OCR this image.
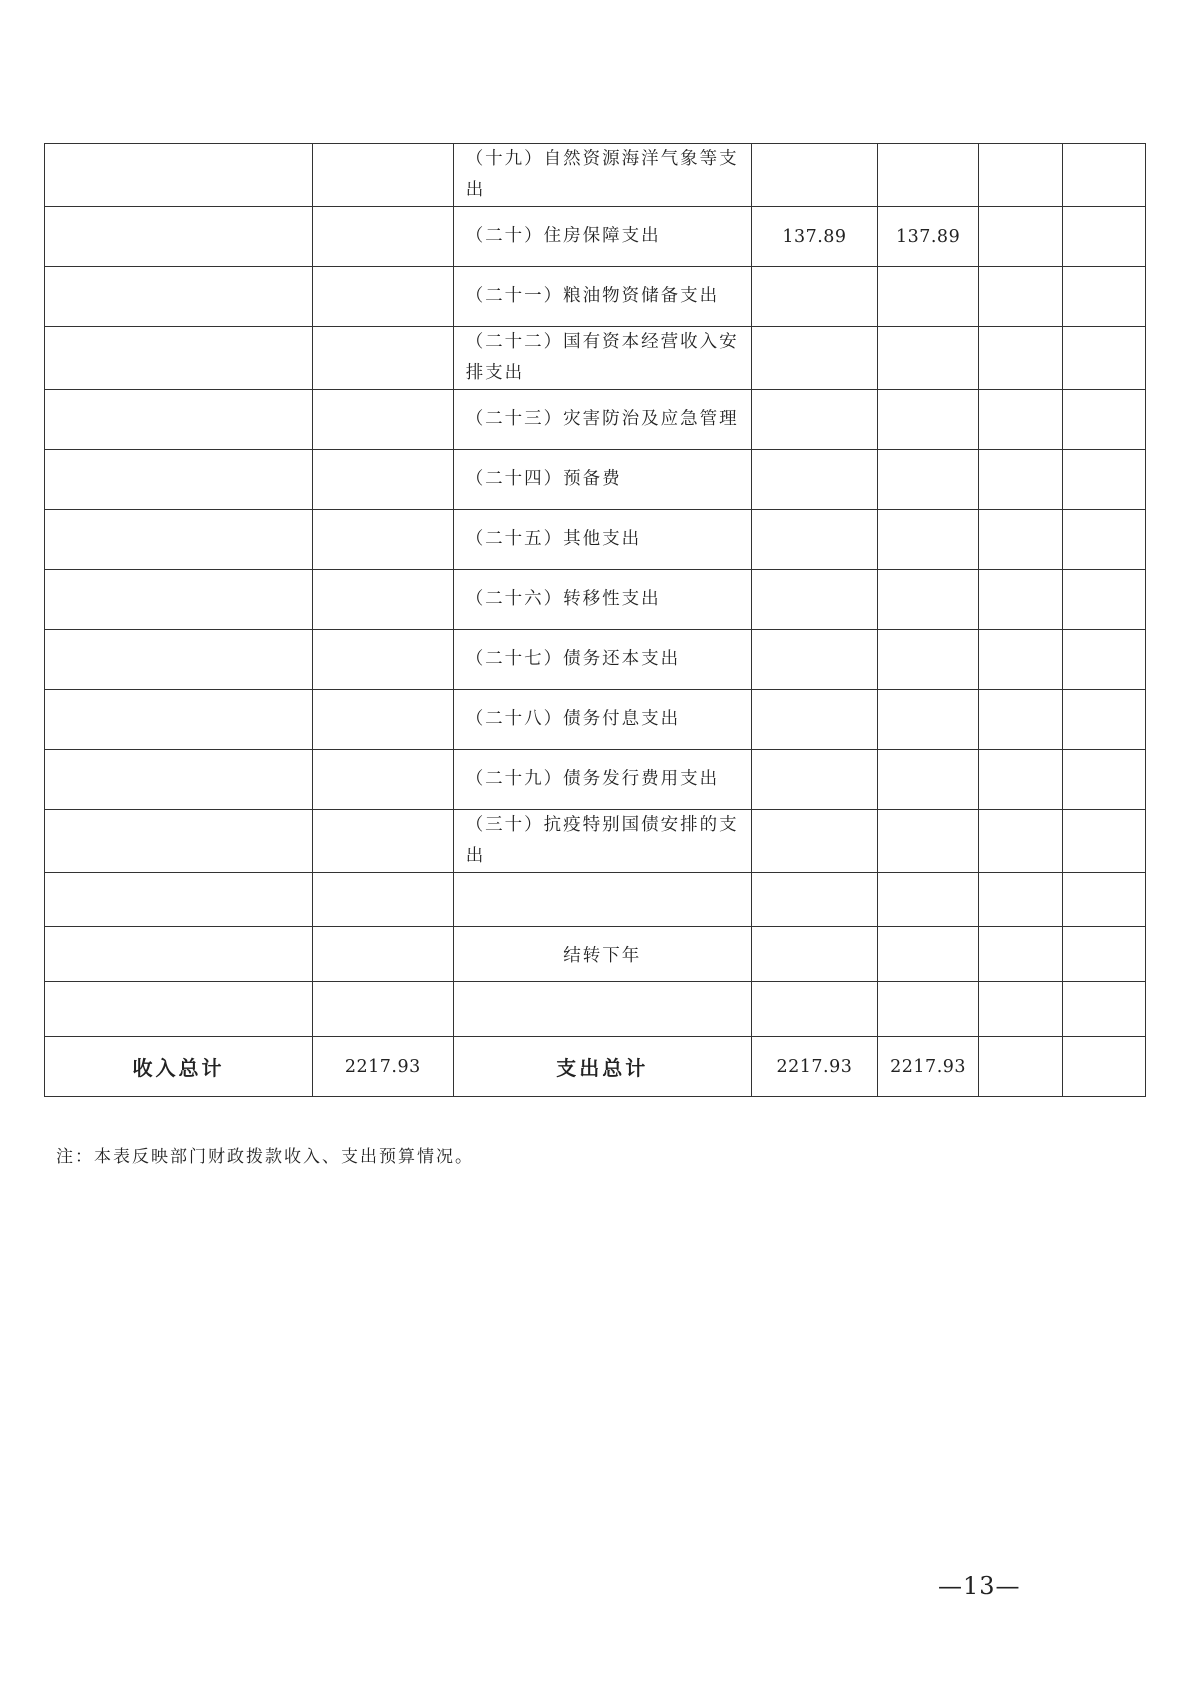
		（十九）自然资源海洋气象等支出				
		（二十）住房保障支出	137.89	137.89		
		（二十一）粮油物资储备支出				
		（二十二）国有资本经营收入安排支出				
		（二十三）灾害防治及应急管理				
		（二十四）预备费				
		（二十五）其他支出				
		（二十六）转移性支出				
		（二十七）债务还本支出				
		（二十八）债务付息支出				
		（二十九）债务发行费用支出				
		（三十）抗疫特别国债安排的支出				

		结转下年				

收入总计	2217.93	支出总计	2217.93	2217.93		
注：本表反映部门财政拨款收入、支出预算情况。
—13—
